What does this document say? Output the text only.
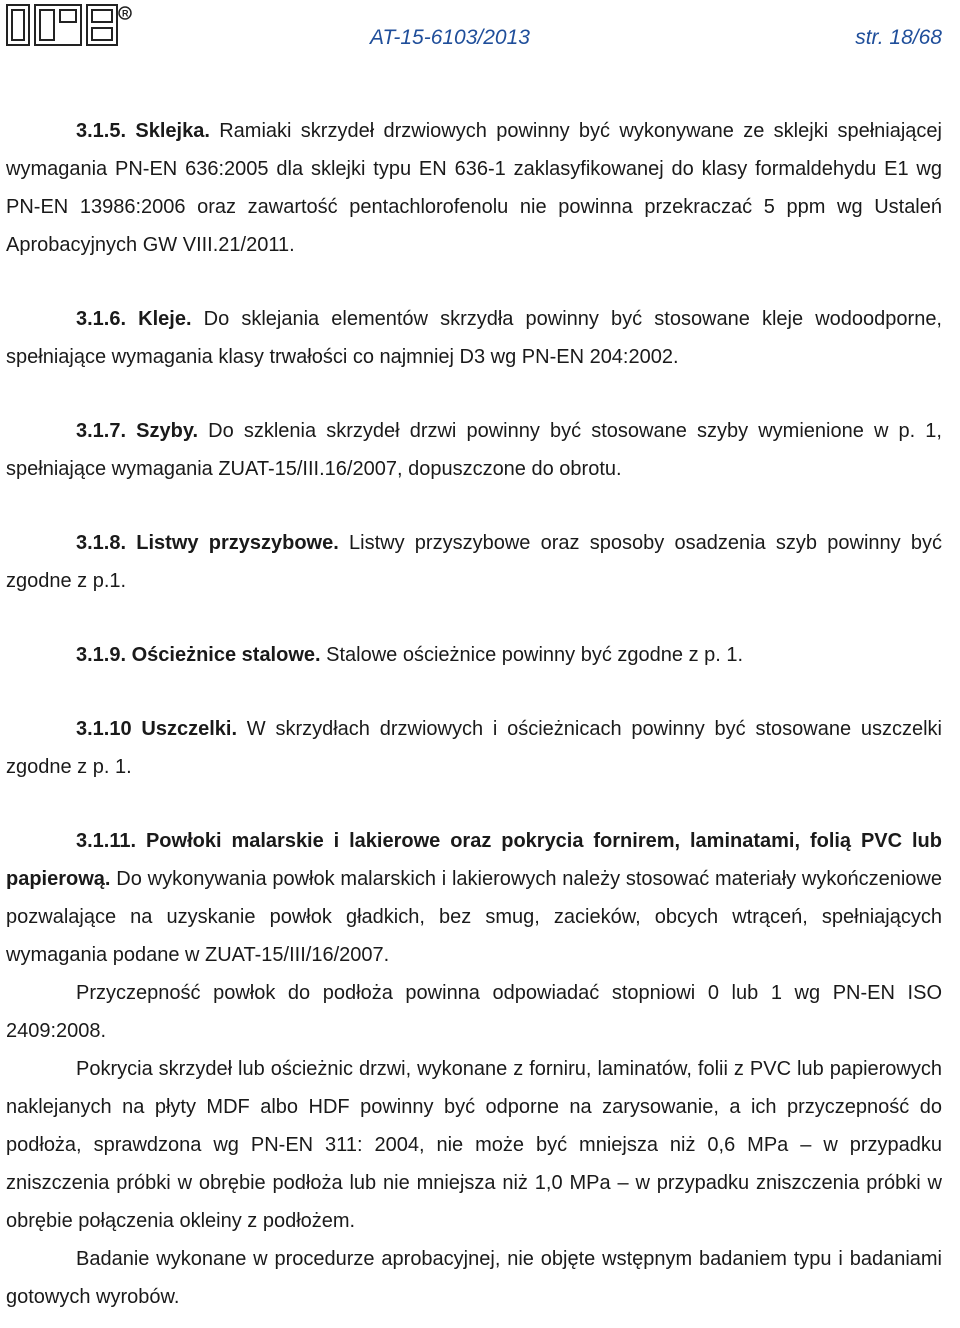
R
AT-15-6103/2013	str. 18/68

3.1.5. Sklejka. Ramiaki skrzydeł drzwiowych powinny być wykonywane ze sklejki spełniającej wymagania PN-EN 636:2005 dla sklejki typu EN 636-1 zaklasyfikowanej do klasy formaldehydu E1 wg PN-EN 13986:2006 oraz zawartość pentachlorofenolu nie powinna przekraczać 5 ppm wg Ustaleń Aprobacyjnych GW VIII.21/2011.

3.1.6. Kleje. Do sklejania elementów skrzydła powinny być stosowane kleje wodoodporne, spełniające wymagania klasy trwałości co najmniej D3 wg PN-EN 204:2002.

3.1.7. Szyby. Do szklenia skrzydeł drzwi powinny być stosowane szyby wymienione w p. 1, spełniające wymagania ZUAT-15/III.16/2007, dopuszczone do obrotu.

3.1.8. Listwy przyszybowe. Listwy przyszybowe oraz sposoby osadzenia szyb powinny być zgodne z p.1.

3.1.9. Ościeżnice stalowe. Stalowe ościeżnice powinny być zgodne z p. 1.

3.1.10 Uszczelki. W skrzydłach drzwiowych i ościeżnicach powinny być stosowane uszczelki zgodne z p. 1.

3.1.11. Powłoki malarskie i lakierowe oraz pokrycia fornirem, laminatami, folią PVC lub papierową. Do wykonywania powłok malarskich i lakierowych należy stosować materiały wykończeniowe pozwalające na uzyskanie powłok gładkich, bez smug, zacieków, obcych wtrąceń, spełniających wymagania podane w ZUAT-15/III/16/2007.

Przyczepność powłok do podłoża powinna odpowiadać stopniowi 0 lub 1 wg PN-EN ISO 2409:2008.

Pokrycia skrzydeł lub ościeżnic drzwi, wykonane z forniru, laminatów, folii z PVC lub papierowych naklejanych na płyty MDF albo HDF powinny być odporne na zarysowanie, a ich przyczepność do podłoża, sprawdzona wg PN-EN 311: 2004, nie może być mniejsza niż 0,6 MPa – w przypadku zniszczenia próbki w obrębie podłoża lub nie mniejsza niż 1,0 MPa – w przypadku zniszczenia próbki w obrębie połączenia okleiny z podłożem.

Badanie wykonane w procedurze aprobacyjnej, nie objęte wstępnym badaniem typu i badaniami gotowych wyrobów.
